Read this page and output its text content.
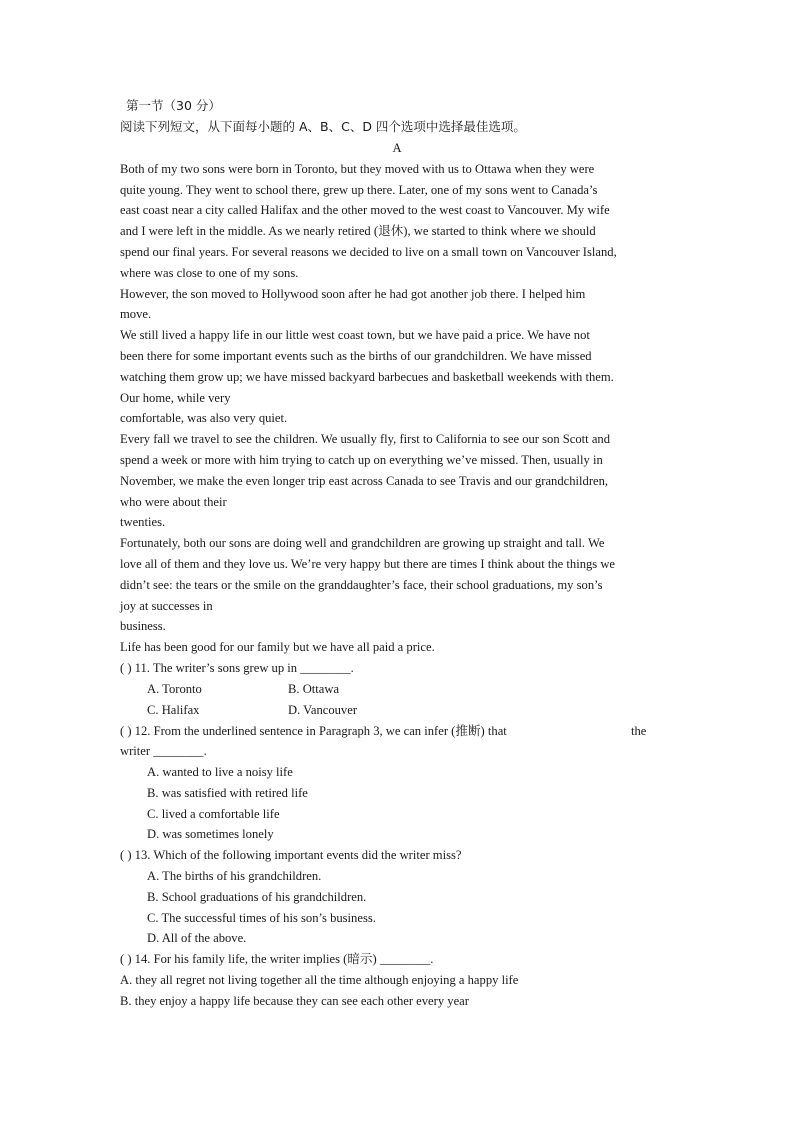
第一节（30 分）
阅读下列短文，从下面每小题的 A、B、C、D 四个选项中选择最佳选项。
A
Both of my two sons were born in Toronto, but they moved with us to Ottawa when they were
quite young. They went to school there, grew up there. Later, one of my sons went to Canada’s
east coast near a city called Halifax and the other moved to the west coast to Vancouver. My wife
and I were left in the middle. As we nearly retired (退休), we started to think where we should
spend our final years. For several reasons we decided to live on a small town on Vancouver Island,
where was close to one of my sons.
However, the son moved to Hollywood soon after he had got another job there. I helped him
move.
We still lived a happy life in our little west coast town, but we have paid a price. We have not
been there for some important events such as the births of our grandchildren. We have missed
watching them grow up; we have missed backyard barbecues and basketball weekends with them.
Our home, while very
comfortable, was also very quiet.
Every fall we travel to see the children. We usually fly, first to California to see our son Scott and
spend a week or more with him trying to catch up on everything we’ve missed. Then, usually in
November, we make the even longer trip east across Canada to see Travis and our grandchildren,
who were about their
twenties.
Fortunately, both our sons are doing well and grandchildren are growing up straight and tall. We
love all of them and they love us. We’re very happy but there are times I think about the things we
didn’t see: the tears or the smile on the granddaughter’s face, their school graduations, my son’s
joy at successes in
business.
Life has been good for our family but we have all paid a price.
( ) 11. The writer’s sons grew up in ________.
A. Toronto	B. Ottawa
C. Halifax	D. Vancouver
( ) 12. From the underlined sentence in Paragraph 3, we can infer (推断) that	the
writer ________.
A. wanted to live a noisy life
B. was satisfied with retired life
C. lived a comfortable life
D. was sometimes lonely
( ) 13. Which of the following important events did the writer miss?
A. The births of his grandchildren.
B. School graduations of his grandchildren.
C. The successful times of his son’s business.
D. All of the above.
( ) 14. For his family life, the writer implies (暗示) ________.
A. they all regret not living together all the time although enjoying a happy life
B. they enjoy a happy life because they can see each other every year
